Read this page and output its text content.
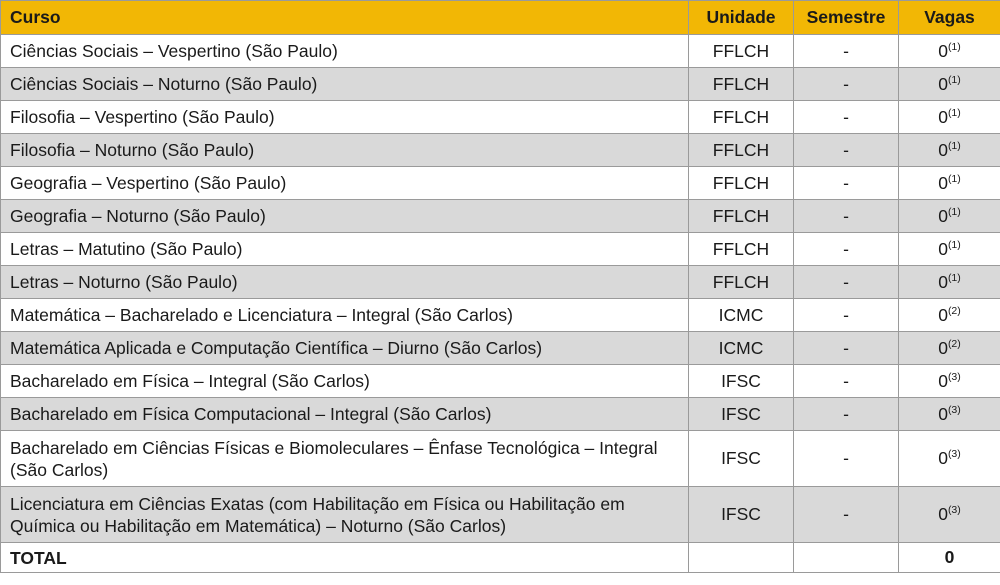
Curso	Unidade	Semestre	Vagas
Ciências Sociais – Vespertino (São Paulo)	FFLCH	-	0$^{(1)}$
Ciências Sociais – Noturno (São Paulo)	FFLCH	-	0$^{(1)}$
Filosofia – Vespertino (São Paulo)	FFLCH	-	0$^{(1)}$
Filosofia – Noturno (São Paulo)	FFLCH	-	0$^{(1)}$
Geografia – Vespertino (São Paulo)	FFLCH	-	0$^{(1)}$
Geografia – Noturno (São Paulo)	FFLCH	-	0$^{(1)}$
Letras – Matutino (São Paulo)	FFLCH	-	0$^{(1)}$
Letras – Noturno (São Paulo)	FFLCH	-	0$^{(1)}$
Matemática – Bacharelado e Licenciatura – Integral (São Carlos)	ICMC	-	0$^{(2)}$
Matemática Aplicada e Computação Científica – Diurno (São Carlos)	ICMC	-	0$^{(2)}$
Bacharelado em Física – Integral (São Carlos)	IFSC	-	0$^{(3)}$
Bacharelado em Física Computacional – Integral (São Carlos)	IFSC	-	0$^{(3)}$
Bacharelado em Ciências Físicas e Biomoleculares – Ênfase Tecnológica – Integral (São Carlos)	IFSC	-	0$^{(3)}$
Licenciatura em Ciências Exatas (com Habilitação em Física ou Habilitação em Química ou Habilitação em Matemática) – Noturno (São Carlos)	IFSC	-	0$^{(3)}$
TOTAL			0
